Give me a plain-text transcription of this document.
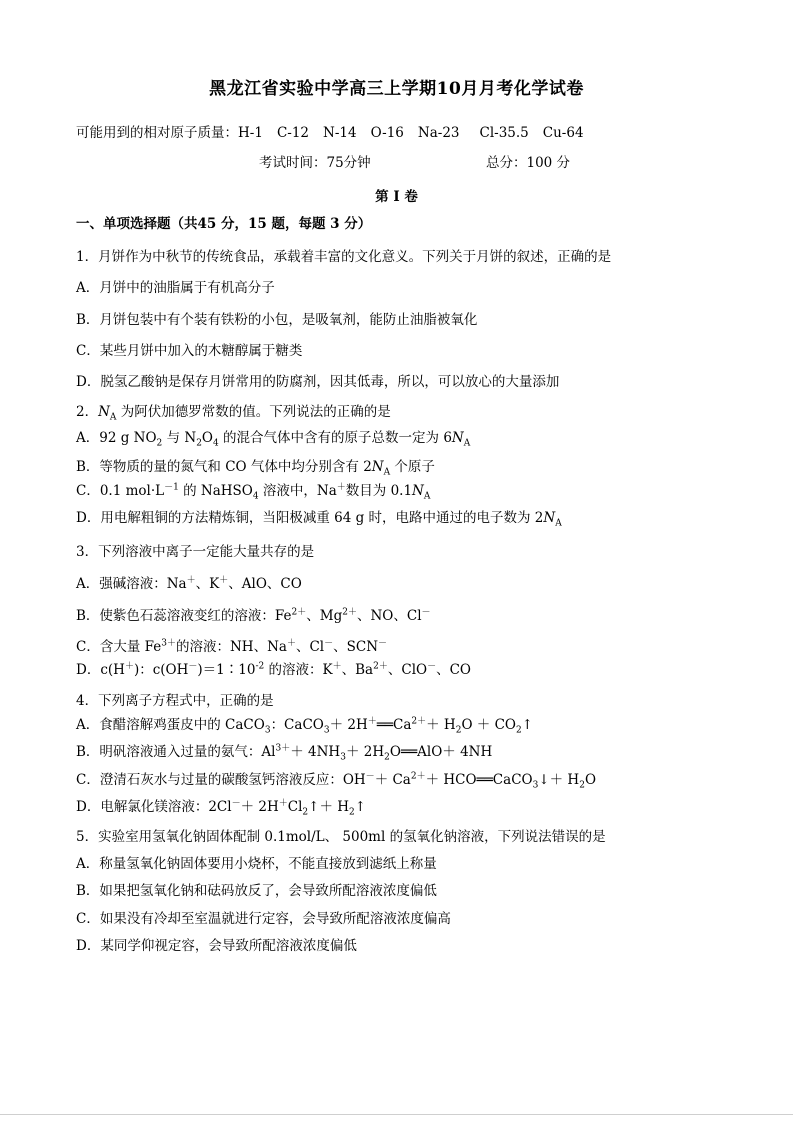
黑龙江省实验中学高三上学期10月月考化学试卷
可能用到的相对原子质量：H-1 C-12 N-14 O-16 Na-23 Cl-35.5 Cu-64
考试时间：75分钟	总分：100 分
第 I 卷
一、单项选择题（共45 分，15 题，每题 3 分）
1．月饼作为中秋节的传统食品，承载着丰富的文化意义。下列关于月饼的叙述，正确的是
A．月饼中的油脂属于有机高分子
B．月饼包装中有个装有铁粉的小包，是吸氧剂，能防止油脂被氧化
C．某些月饼中加入的木糖醇属于糖类
D．脱氢乙酸钠是保存月饼常用的防腐剂，因其低毒，所以，可以放心的大量添加
2．$N_A$ 为阿伏加德罗常数的值。下列说法的正确的是
A．92 g $NO_2$ 与 $N_2O_4$ 的混合气体中含有的原子总数一定为 $6N_A$
B．等物质的量的氮气和 CO 气体中均分别含有 $2N_A$ 个原子
C．0.1 $mol\cdot L^{-1}$ 的 NaHSO$_4$ 溶液中，Na＋数目为 $0.1N_A$
D．用电解粗铜的方法精炼铜，当阳极减重 64 g 时，电路中通过的电子数为 $2N_A$
3．下列溶液中离子一定能大量共存的是
A．强碱溶液：Na＋、K＋、AlO、CO
B．使紫色石蕊溶液变红的溶液：$Fe^{2+}$、$Mg^{2+}$、NO、Cl－
C．含大量 $Fe^{3+}$的溶液：NH、Na＋、Cl－、SCN－
D．c(H＋)：$c(OH^-)=1∶10^{-2}$ 的溶液：K＋、$Ba^{2+}$、ClO－、CO
4．下列离子方程式中，正确的是
A．食醋溶解鸡蛋皮中的 CaCO$_3$：CaCO$_3$＋ $2H^+══Ca^{2+}+ H_2O$ ＋ $CO_2↑$
B．明矾溶液通入过量的氨气：$Al^{3+}+ 4NH_3+$ $2H_2O══AlO+ 4NH$
C．澄清石灰水与过量的碳酸氢钙溶液反应：$OH^-+ Ca^{2+}+$ HCO══CaCO$_3$↓＋ $H_2O$
D．电解氯化镁溶液：$2Cl^-+ 2H^+Cl_2↑+$ $H_2↑$
5．实验室用氢氧化钠固体配制 0.1mol/L、 500ml 的氢氧化钠溶液，下列说法错误的是
A．称量氢氧化钠固体要用小烧杯，不能直接放到滤纸上称量
B．如果把氢氧化钠和砝码放反了，会导致所配溶液浓度偏低
C．如果没有冷却至室温就进行定容，会导致所配溶液浓度偏高
D．某同学仰视定容，会导致所配溶液浓度偏低
